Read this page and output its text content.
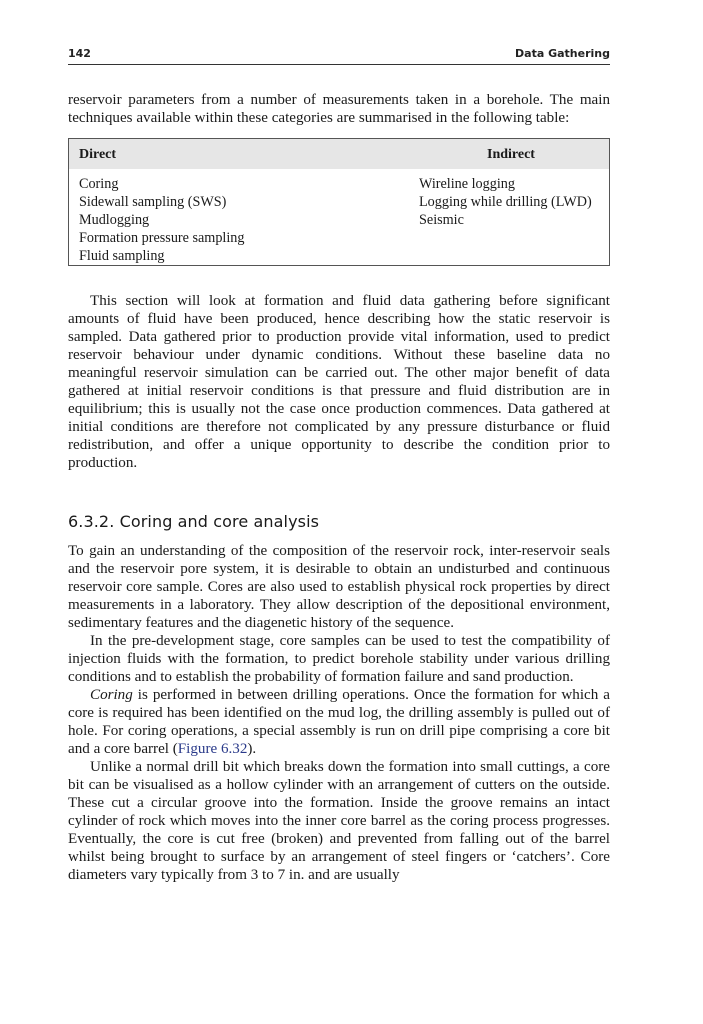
142	Data Gathering

reservoir parameters from a number of measurements taken in a borehole. The main techniques available within these categories are summarised in the following table:

Direct	Indirect
Coring
Sidewall sampling (SWS)
Mudlogging
Formation pressure sampling
Fluid sampling
Wireline logging
Logging while drilling (LWD)
Seismic

This section will look at formation and fluid data gathering before significant amounts of fluid have been produced, hence describing how the static reservoir is sampled. Data gathered prior to production provide vital information, used to predict reservoir behaviour under dynamic conditions. Without these baseline data no meaningful reservoir simulation can be carried out. The other major benefit of data gathered at initial reservoir conditions is that pressure and fluid distribution are in equilibrium; this is usually not the case once production commences. Data gathered at initial conditions are therefore not complicated by any pressure disturbance or fluid redistribution, and offer a unique opportunity to describe the condition prior to production.

6.3.2. Coring and core analysis

To gain an understanding of the composition of the reservoir rock, inter-reservoir seals and the reservoir pore system, it is desirable to obtain an undisturbed and continuous reservoir core sample. Cores are also used to establish physical rock properties by direct measurements in a laboratory. They allow description of the depositional environment, sedimentary features and the diagenetic history of the sequence.

In the pre-development stage, core samples can be used to test the compatibility of injection fluids with the formation, to predict borehole stability under various drilling conditions and to establish the probability of formation failure and sand production.

Coring is performed in between drilling operations. Once the formation for which a core is required has been identified on the mud log, the drilling assembly is pulled out of hole. For coring operations, a special assembly is run on drill pipe comprising a core bit and a core barrel (Figure 6.32).

Unlike a normal drill bit which breaks down the formation into small cuttings, a core bit can be visualised as a hollow cylinder with an arrangement of cutters on the outside. These cut a circular groove into the formation. Inside the groove remains an intact cylinder of rock which moves into the inner core barrel as the coring process progresses. Eventually, the core is cut free (broken) and prevented from falling out of the barrel whilst being brought to surface by an arrangement of steel fingers or ‘catchers’. Core diameters vary typically from 3 to 7 in. and are usually
